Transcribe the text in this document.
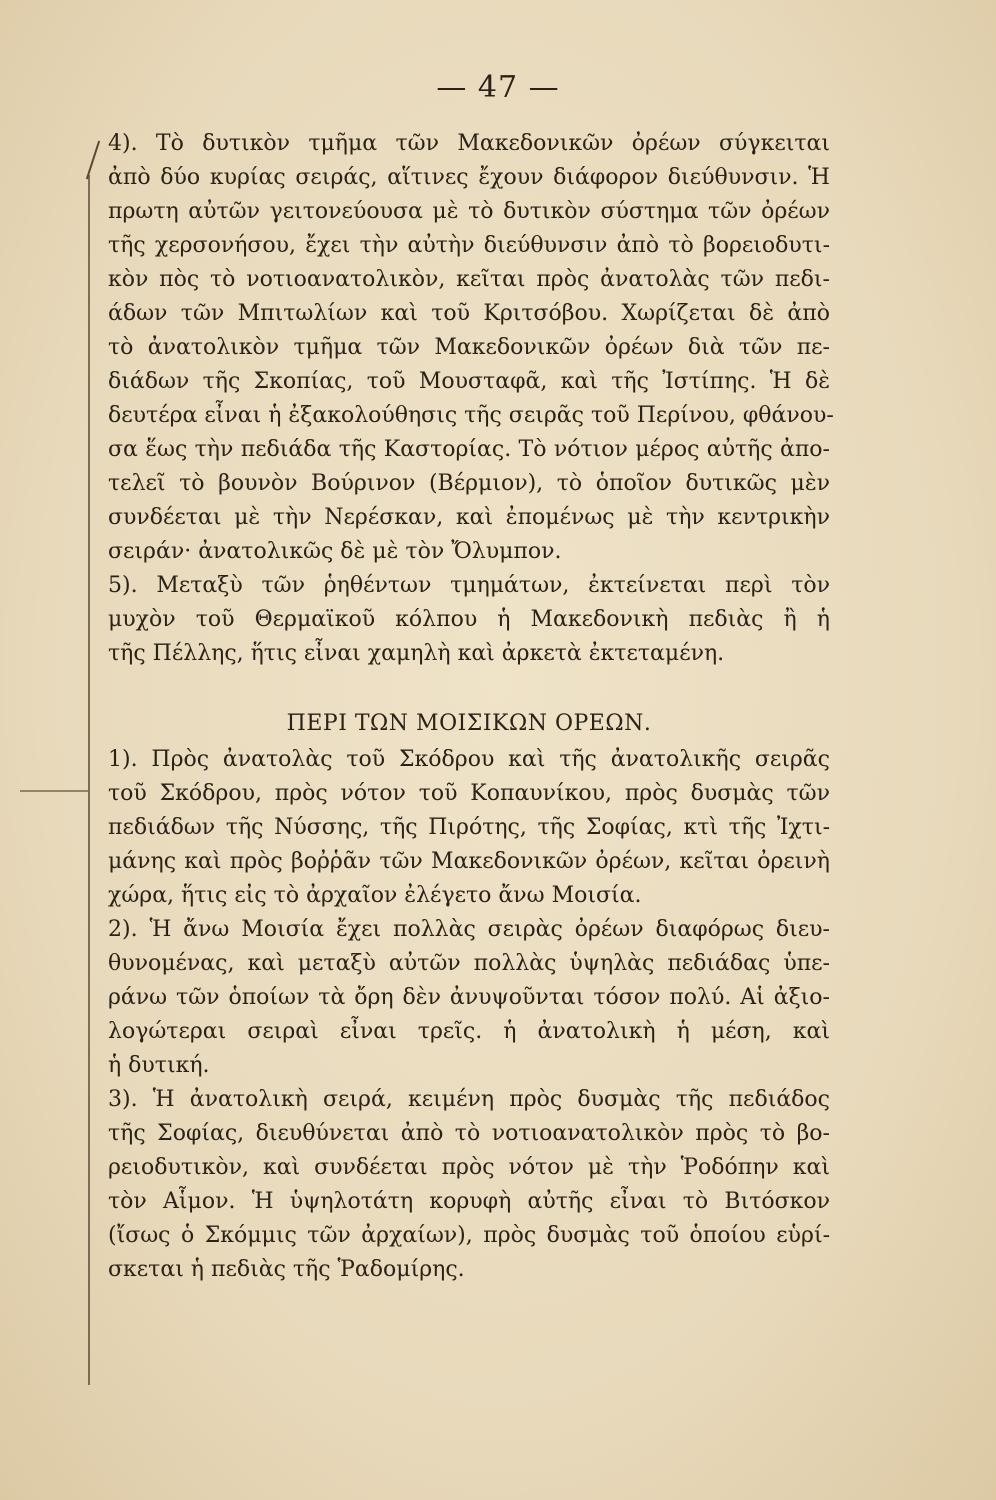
— 47 —
4). Τὸ δυτικὸν τμῆμα τῶν Μακεδονικῶν ὀρέων σύγκειται
ἀπὸ δύο κυρίας σειράς, αἵτινες ἔχουν διάφορον διεύθυνσιν. Ἡ
πρωτη αὐτῶν γειτονεύουσα μὲ τὸ δυτικὸν σύστημα τῶν ὀρέων
τῆς χερσονήσου, ἔχει τὴν αὐτὴν διεύθυνσιν ἀπὸ τὸ βορειοδυτι-
κὸν πὸς τὸ νοτιοανατολικὸν, κεῖται πρὸς ἀνατολὰς τῶν πεδι-
άδων τῶν Μπιτωλίων καὶ τοῦ Κριτσόβου. Χωρίζεται δὲ ἀπὸ
τὸ ἀνατολικὸν τμῆμα τῶν Μακεδονικῶν ὀρέων διὰ τῶν πε-
διάδων τῆς Σκοπίας, τοῦ Μουσταφᾶ, καὶ τῆς Ἰστίπης. Ἡ δὲ
δευτέρα εἶναι ἡ ἐξακολούθησις τῆς σειρᾶς τοῦ Περίνου, φθάνου-
σα ἕως τὴν πεδιάδα τῆς Καστορίας. Τὸ νότιον μέρος αὐτῆς ἀπο-
τελεῖ τὸ βουνὸν Βούρινον (Βέρμιον), τὸ ὁποῖον δυτικῶς μὲν
συνδέεται μὲ τὴν Νερέσκαν, καὶ ἐπομένως μὲ τὴν κεντρικὴν
σειράν· ἀνατολικῶς δὲ μὲ τὸν Ὄλυμπον.
5). Μεταξὺ τῶν ῥηθέντων τμημάτων, ἐκτείνεται περὶ τὸν
μυχὸν τοῦ Θερμαϊκοῦ κόλπου ἡ Μακεδονικὴ πεδιὰς ἢ ἡ
τῆς Πέλλης, ἥτις εἶναι χαμηλὴ καὶ ἀρκετὰ ἐκτεταμένη.
ΠΕΡΙ ΤΩΝ ΜΟΙΣΙΚΩΝ ΟΡΕΩΝ.
1). Πρὸς ἀνατολὰς τοῦ Σκόδρου καὶ τῆς ἀνατολικῆς σειρᾶς
τοῦ Σκόδρου, πρὸς νότον τοῦ Κοπαυνίκου, πρὸς δυσμὰς τῶν
πεδιάδων τῆς Νύσσης, τῆς Πιρότης, τῆς Σοφίας, κτὶ τῆς Ἰχτι-
μάνης καὶ πρὸς βοῤῥᾶν τῶν Μακεδονικῶν ὀρέων, κεῖται ὀρεινὴ
χώρα, ἥτις εἰς τὸ ἀρχαῖον ἐλέγετο ἄνω Μοισία.
2). Ἡ ἄνω Μοισία ἔχει πολλὰς σειρὰς ὀρέων διαφόρως διευ-
θυνομένας, καὶ μεταξὺ αὐτῶν πολλὰς ὑψηλὰς πεδιάδας ὑπε-
ράνω τῶν ὁποίων τὰ ὄρη δὲν ἀνυψοῦνται τόσον πολύ. Αἱ ἀξιο-
λογώτεραι σειραὶ εἶναι τρεῖς. ἡ ἀνατολικὴ ἡ μέση, καὶ
ἡ δυτική.
3). Ἡ ἀνατολικὴ σειρά, κειμένη πρὸς δυσμὰς τῆς πεδιάδος
τῆς Σοφίας, διευθύνεται ἀπὸ τὸ νοτιοανατολικὸν πρὸς τὸ βο-
ρειοδυτικὸν, καὶ συνδέεται πρὸς νότον μὲ τὴν Ῥοδόπην καὶ
τὸν Αἷμον. Ἡ ὑψηλοτάτη κορυφὴ αὐτῆς εἶναι τὸ Βιτόσκον
(ἴσως ὁ Σκόμμις τῶν ἀρχαίων), πρὸς δυσμὰς τοῦ ὁποίου εὑρί-
σκεται ἡ πεδιὰς τῆς Ῥαδομίρης.
